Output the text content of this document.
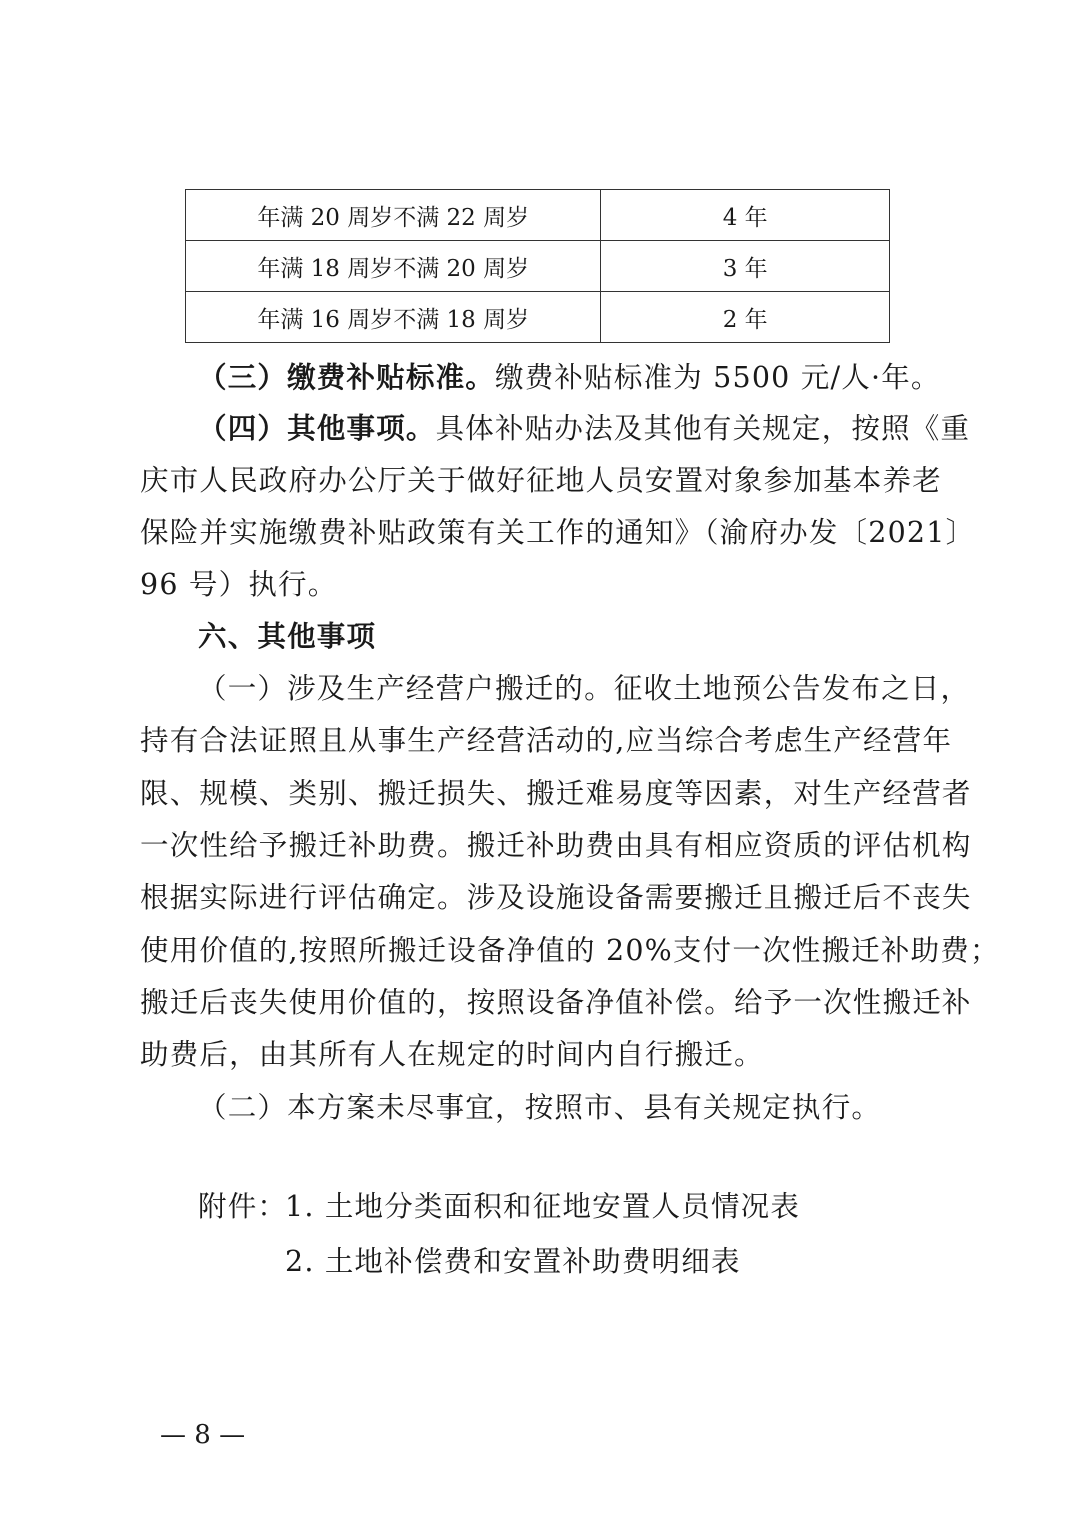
年满 20 周岁不满 22 周岁	4 年
年满 18 周岁不满 20 周岁	3 年
年满 16 周岁不满 18 周岁	2 年
（三）缴费补贴标准。缴费补贴标准为 5500 元/人·年。
（四）其他事项。具体补贴办法及其他有关规定，按照《重
庆市人民政府办公厅关于做好征地人员安置对象参加基本养老
保险并实施缴费补贴政策有关工作的通知》（渝府办发〔2021〕
96 号）执行。
六、其他事项
（一）涉及生产经营户搬迁的。征收土地预公告发布之日，
持有合法证照且从事生产经营活动的,应当综合考虑生产经营年
限、规模、类别、搬迁损失、搬迁难易度等因素，对生产经营者
一次性给予搬迁补助费。搬迁补助费由具有相应资质的评估机构
根据实际进行评估确定。涉及设施设备需要搬迁且搬迁后不丧失
使用价值的,按照所搬迁设备净值的 20%支付一次性搬迁补助费；
搬迁后丧失使用价值的，按照设备净值补偿。给予一次性搬迁补
助费后，由其所有人在规定的时间内自行搬迁。
（二）本方案未尽事宜，按照市、县有关规定执行。
附件：
1. 土地分类面积和征地安置人员情况表
2. 土地补偿费和安置补助费明细表
— 8 —
